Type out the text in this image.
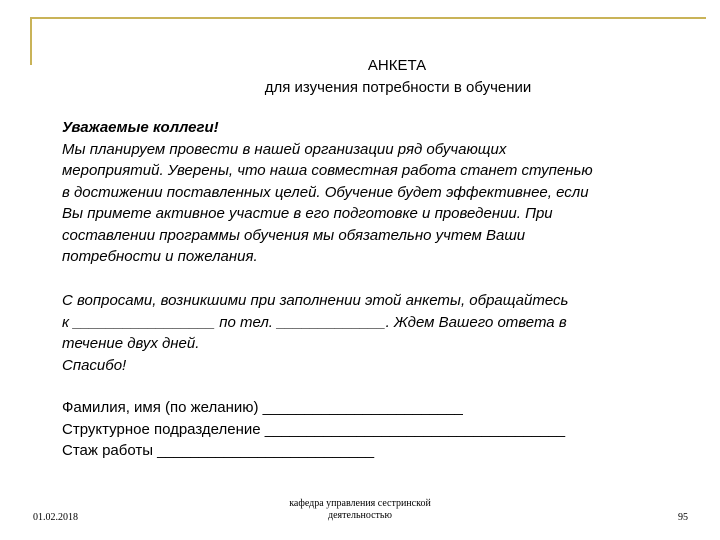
АНКЕТА
для изучения потребности в обучении

Уважаемые коллеги!

Мы планируем провести в нашей организации ряд обучающих

мероприятий. Уверены, что наша совместная работа станет ступенью

в достижении поставленных целей. Обучение будет эффективнее, если

Вы примете активное участие в его подготовке и проведении. При

составлении программы обучения мы обязательно учтем Ваши

потребности и пожелания.

С вопросами, возникшими при заполнении этой анкеты, обращайтесь

к _________________ по тел. _____________. Ждем Вашего ответа в

течение двух дней.

Спасибо!

Фамилия, имя (по желанию) ________________________
Структурное подразделение ____________________________________
Стаж работы __________________________
01.02.2018
кафедра управления сестринской
деятельностью	95
